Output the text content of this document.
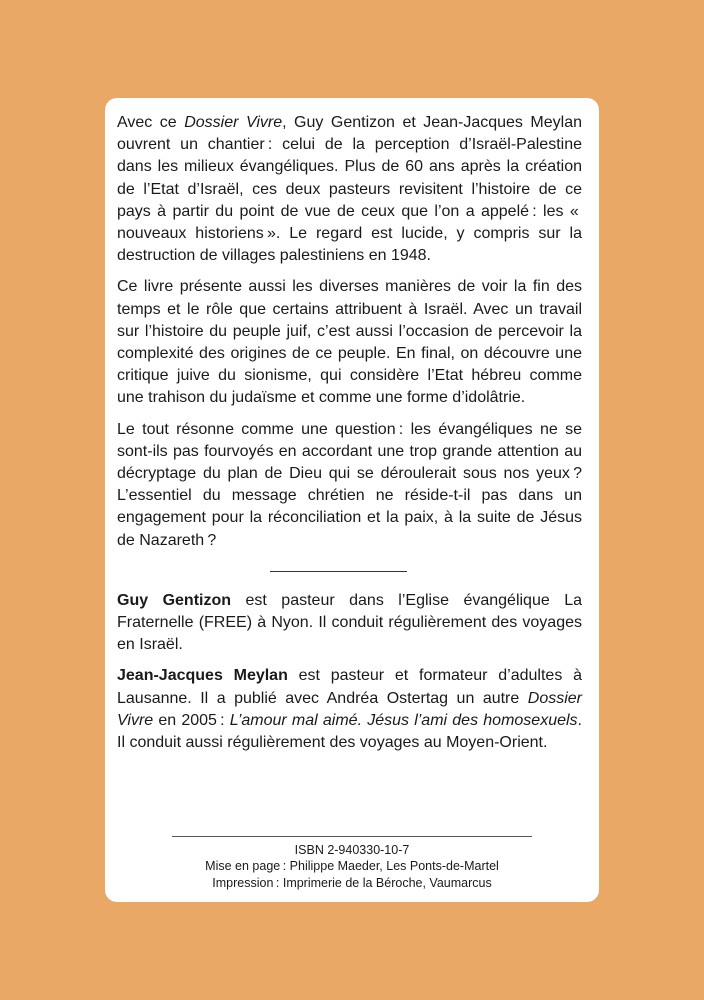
Avec ce Dossier Vivre, Guy Gentizon et Jean-Jacques Meylan ouvrent un chantier : celui de la perception d’Israël-Palestine dans les milieux évangéliques. Plus de 60 ans après la création de l’Etat d’Israël, ces deux pasteurs revisitent l’histoire de ce pays à partir du point de vue de ceux que l’on a appelé : les « nouveaux historiens ». Le regard est lucide, y compris sur la destruction de villages palestiniens en 1948.

Ce livre présente aussi les diverses manières de voir la fin des temps et le rôle que certains attribuent à Israël. Avec un travail sur l’histoire du peuple juif, c’est aussi l’occasion de percevoir la complexité des origines de ce peuple. En final, on découvre une critique juive du sionisme, qui considère l’Etat hébreu comme une trahison du judaïsme et comme une forme d’idolâtrie.

Le tout résonne comme une question : les évangéliques ne se sont-ils pas fourvoyés en accordant une trop grande attention au décryptage du plan de Dieu qui se déroulerait sous nos yeux ? L’essentiel du message chrétien ne réside-t-il pas dans un engagement pour la réconciliation et la paix, à la suite de Jésus de Nazareth ?

Guy Gentizon est pasteur dans l’Eglise évangélique La Fraternelle (FREE) à Nyon. Il conduit régulièrement des voyages en Israël.

Jean-Jacques Meylan est pasteur et formateur d’adultes à Lausanne. Il a publié avec Andréa Ostertag un autre Dossier Vivre en 2005 : L’amour mal aimé. Jésus l’ami des homosexuels. Il conduit aussi régulièrement des voyages au Moyen-Orient.

ISBN 2-940330-10-7
Mise en page : Philippe Maeder, Les Ponts-de-Martel
Impression : Imprimerie de la Béroche, Vaumarcus
